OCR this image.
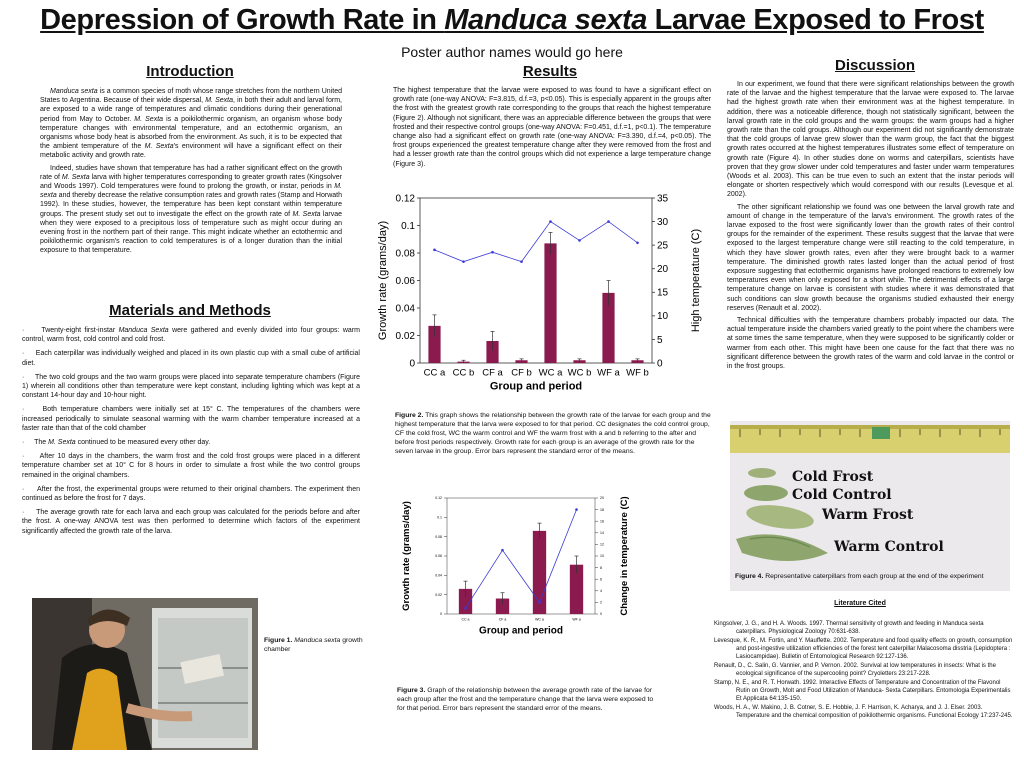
Depression of Growth Rate in Manduca sexta Larvae Exposed to Frost
Poster author names would go here
Introduction

Manduca sexta is a common species of moth whose range stretches from the northern United States to Argentina. Because of their wide dispersal, M. Sexta, in both their adult and larval form, are exposed to a wide range of temperatures and climatic conditions during their generational period from May to October. M. Sexta is a poikilothermic organism, an organism whose body temperature changes with environmental temperature, and an ectothermic organism, an organisms whose body heat is absorbed from the environment. As such, it is to be expected that the ambient temperature of the M. Sexta's environment will have a significant effect on their metabolic activity and growth rate.

Indeed, studies have shown that temperature has had a rather significant effect on the growth rate of M. Sexta larva with higher temperatures corresponding to greater growth rates (Kingsolver and Woods 1997). Cold temperatures were found to prolong the growth, or instar, periods in M. sexta and thereby decrease the relative consumption rates and growth rates (Stamp and Horwath 1992). In these studies, however, the temperature has been kept constant within temperature groups. The present study set out to investigate the effect on the growth rate of M. Sexta larvae when they were exposed to a precipitous loss of temperature such as might occur during an evening frost in the northern part of their range. This might indicate whether an ectothermic and poikilothermic organism's reaction to cold temperatures is of a longer duration than the initial exposure to that temperature.

Materials and Methods

·     Twenty-eight first-instar Manduca Sexta were gathered and evenly divided into four groups: warm control, warm frost, cold control and cold frost.

·     Each caterpillar was individually weighed and placed in its own plastic cup with a small cube of artificial diet.

·     The two cold groups and the two warm groups were placed into separate temperature chambers (Figure 1) wherein all conditions other than temperature were kept constant, including lighting which was kept at a constant 14-hour day and 10-hour night.

·     Both temperature chambers were initially set at 15° C. The temperatures of the chambers were increased periodically to simulate seasonal warming with the warm chamber temperature increased at a faster rate than that of the cold chamber

·     The M. Sexta continued to be measured every other day.

·     After 10 days in the chambers, the warm frost and the cold frost groups were placed in a different temperature chamber set at 10° C for 8 hours in order to simulate a frost while the two control groups remained in the original chambers.

·     After the frost, the experimental groups were returned to their original chambers. The experiment then continued as before the frost for 7 days.

·     The average growth rate for each larva and each group was calculated for the periods before and after the frost. A one-way ANOVA test was then performed to determine which factors of the experiment significantly affected the growth rate of the larva.

Figure 1. Manduca sexta growth chamber
Results

The highest temperature that the larvae were exposed to was found to have a significant effect on growth rate (one-way ANOVA: F=3.815, d.f.=3, p<0.05). This is especially apparent in the groups after the frost with the greatest growth rate corresponding to the groups that reach the highest temperature (Figure 2). Although not significant, there was an appreciable difference between the groups that were frosted and their respective control groups (one-way ANOVA: F=0.451, d.f.=1, p<0.1). The temperature change also had a significant effect on growth rate (one-way ANOVA: F=3.390, d.f.=4, p<0.05). The frost groups experienced the greatest temperature change after they were removed from the frost and had a lesser growth rate than the control groups which did not experience a large temperature change (Figure 3).

0
0.02
0.04
0.06
0.08
0.1
0.12
0
5
10
15
20
25
30
35
CC a CC b CF a CF b WC a WC b WF a WF b
Group and period
Growth rate (grams/day)	High temperature (C)
Figure 2. This graph shows the relationship between the growth rate of the larvae for each group and the highest temperature that the larva were exposed to for that period. CC designates the cold control group, CF the cold frost, WC the warm control and WF the warm frost with a and b referring to the after and before frost periods respectively. Growth rate for each group is an average of the growth rate for the seven larvae in the group. Error bars represent the standard error of the means.
0
0.02
0.04
0.06
0.08
0.1
0.12
0
2
4
6
8
10
12
14
16
18
20
CC a	CF a	WC a	WF a
Group and period
Growth rate (grams/day)	Change in temperature (C)
Figure 3. Graph of the relationship between the average growth rate of the larvae for each group after the frost and the temperature change that the larva were exposed to for that period. Error bars represent the standard error of the means.
Discussion

In our experiment, we found that there were significant relationships between the growth rate of the larvae and the highest temperature that the larvae were exposed to. The larvae had the highest growth rate when their environment was at the highest temperature. In addition, there was a noticeable difference, though not statistically significant, between the larval growth rate in the cold groups and the warm groups: the warm groups had a higher growth rate than the cold groups. Although our experiment did not significantly demonstrate that the cold groups of larvae grew slower than the warm group, the fact that the biggest growth rates occurred at the highest temperatures illustrates some effect of temperature on growth rate (Figure 4). In other studies done on worms and caterpillars, scientists have proven that they grow slower under cold temperatures and faster under warm temperatures (Woods et al. 2003). This can be true even to such an extent that the instar periods will elongate or shorten respectively which would correspond with our results (Levesque et al. 2002).

The other significant relationship we found was one between the larval growth rate and amount of change in the temperature of the larva's environment. The growth rates of the larvae exposed to the frost were significantly lower than the growth rates of their control groups for the remainder of the experiment. These results suggest that the larvae that were exposed to the largest temperature change were still reacting to the cold temperature, in which they have slower growth rates, even after they were brought back to a warmer temperature. The diminished growth rates lasted longer than the actual period of frost exposure suggesting that ectothermic organisms have prolonged reactions to extremely low temperatures even when only exposed for a short while. The detrimental effects of a large temperature change on larvae is consistent with studies where it was demonstrated that such conditions can slow growth because the organisms studied exhausted their energy reserves (Renault et al. 2002).

Technical difficulties with the temperature chambers probably impacted our data. The actual temperature inside the chambers varied greatly to the point where the chambers were at some times the same temperature, when they were supposed to be significantly colder or warmer from each other. This might have been one cause for the fact that there was no significant difference between the growth rates of the warm and cold larvae in the control or in the frost groups.

Cold Frost
Cold Control
Warm Frost
Warm Control
Figure 4. Representative caterpillars from each group at the end of the experiment
Literature Cited

Kingsolver, J. G., and H. A. Woods. 1997. Thermal sensitivity of growth and feeding in Manduca sexta caterpillars. Physiological Zoology 70:631-638.

Levesque, K. R., M. Fortin, and Y. Mauffette. 2002. Temperature and food quality effects on growth, consumption and post-ingestive utilization efficiencies of the forest tent caterpillar Malacosoma disstria (Lepidoptera : Lasiocampidae). Bulletin of Entomological Research 92:127-136.

Renault, D., C. Salin, G. Vannier, and P. Vernon. 2002. Survival at low temperatures in insects: What is the ecological significance of the supercooling point? Cryoletters 23:217-228.

Stamp, N. E., and R. T. Horwath. 1992. Interactive Effects of Temperature and Concentration of the Flavonol Rutin on Growth, Molt and Food Utilization of Manduca- Sexta Caterpillars. Entomologia Experimentalis Et Applicata 64:135-150.

Woods, H. A., W. Makino, J. B. Cotner, S. E. Hobbie, J. F. Harrison, K. Acharya, and J. J. Elser. 2003. Temperature and the chemical composition of poikilothermic organisms. Functional Ecology 17:237-245.
